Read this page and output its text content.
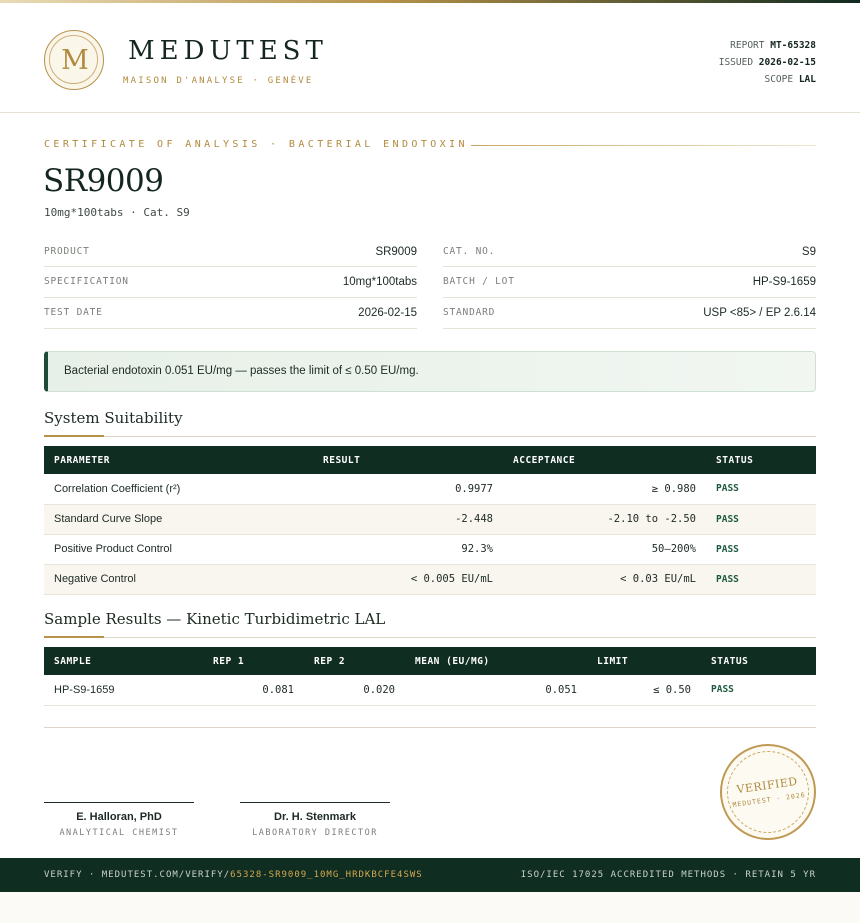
M	MEDUTEST
MAISON D'ANALYSE · GENÈVE
REPORT MT-65328
ISSUED 2026-02-15
SCOPE LAL
CERTIFICATE OF ANALYSIS · BACTERIAL ENDOTOXIN
SR9009
10mg*100tabs · Cat. S9
PRODUCT	SR9009
SPECIFICATION	10mg*100tabs
TEST DATE	2026-02-15
CAT. NO.	S9
BATCH / LOT	HP-S9-1659
STANDARD	USP <85> / EP 2.6.14
Bacterial endotoxin 0.051 EU/mg — passes the limit of ≤ 0.50 EU/mg.
System Suitability
PARAMETER	RESULT	ACCEPTANCE	STATUS
Correlation Coefficient (r²)	0.9977	≥ 0.980	PASS
Standard Curve Slope	-2.448	-2.10 to -2.50	PASS
Positive Product Control	92.3%	50–200%	PASS
Negative Control	< 0.005 EU/mL	< 0.03 EU/mL	PASS
Sample Results — Kinetic Turbidimetric LAL
SAMPLE	REP 1	REP 2	MEAN (EU/MG)	LIMIT	STATUS
HP-S9-1659	0.081	0.020	0.051	≤ 0.50	PASS
E. Halloran, PhD
ANALYTICAL CHEMIST
Dr. H. Stenmark
LABORATORY DIRECTOR
VERIFIED
MEDUTEST · 2026
VERIFY · MEDUTEST.COM/VERIFY/65328-SR9009_10MG_HRDKBCFE4SWS	ISO/IEC 17025 ACCREDITED METHODS · RETAIN 5 YR
